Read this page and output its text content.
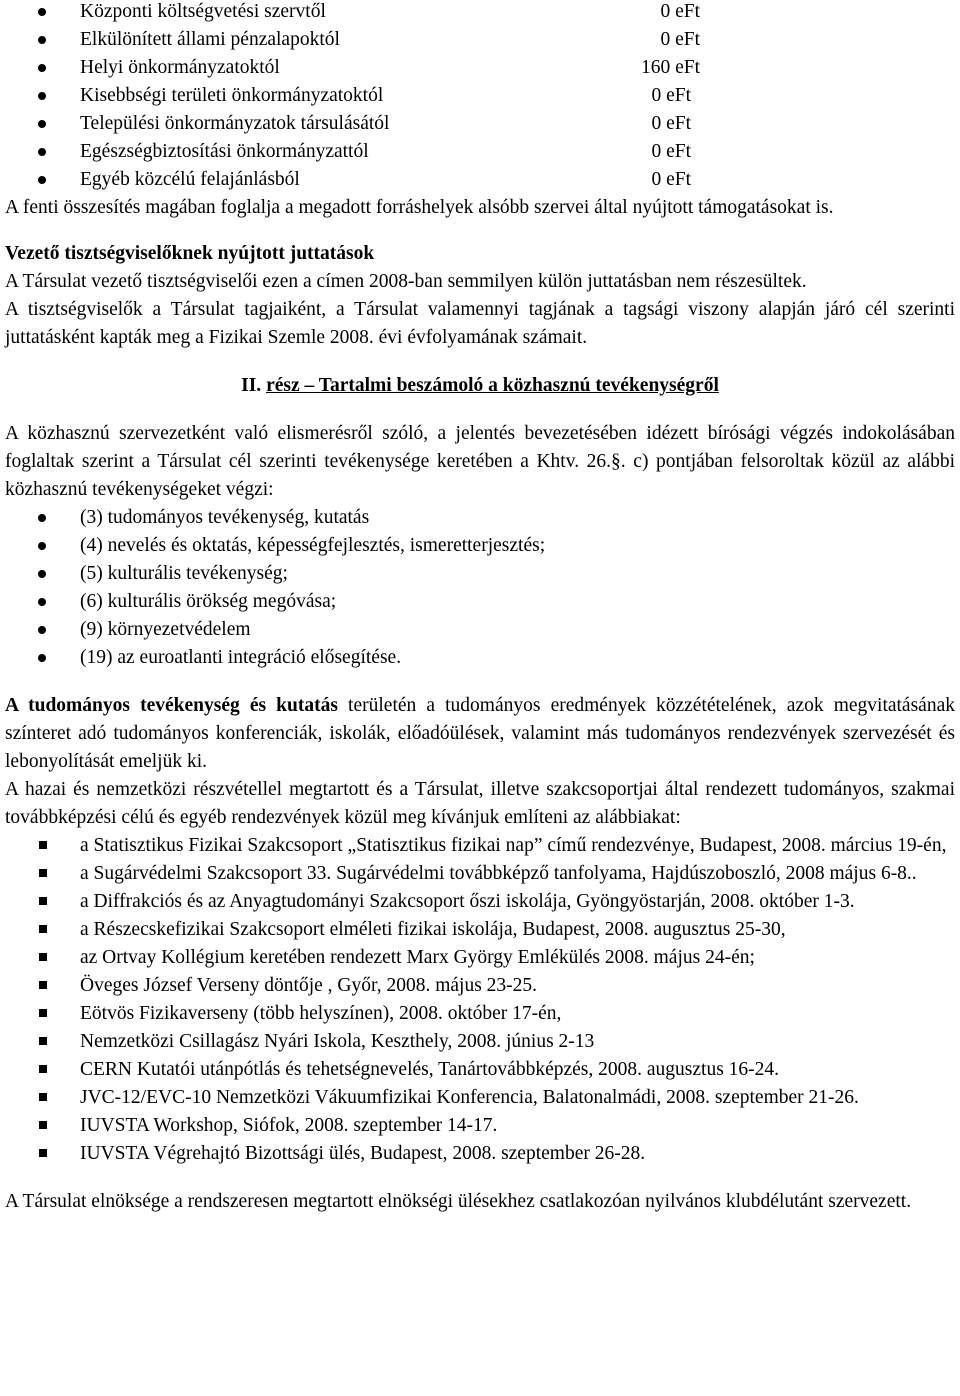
Központi költségvetési szervtől	0 eFt
Elkülönített állami pénzalapoktól	0 eFt
Helyi önkormányzatoktól	160 eFt
Kisebbségi területi önkormányzatoktól	0 eFt
Települési önkormányzatok társulásától	0 eFt
Egészségbiztosítási önkormányzattól	0 eFt
Egyéb közcélú felajánlásból	0 eFt

A fenti összesítés magában foglalja a megadott forráshelyek alsóbb szervei által nyújtott támogatásokat is.

Vezető tisztségviselőknek nyújtott juttatások

A Társulat vezető tisztségviselői ezen a címen 2008-ban semmilyen külön juttatásban nem részesültek.

A tisztségviselők a Társulat tagjaiként, a Társulat valamennyi tagjának a tagsági viszony alapján járó cél szerinti juttatásként kapták meg a Fizikai Szemle 2008. évi évfolyamának számait.

II. rész – Tartalmi beszámoló a közhasznú tevékenységről

A közhasznú szervezetként való elismerésről szóló, a jelentés bevezetésében idézett bírósági végzés indokolásában foglaltak szerint a Társulat cél szerinti tevékenysége keretében a Khtv. 26.§. c) pontjában felsoroltak közül az alábbi közhasznú tevékenységeket végzi:

(3) tudományos tevékenység, kutatás
(4) nevelés és oktatás, képességfejlesztés, ismeretterjesztés;
(5) kulturális tevékenység;
(6) kulturális örökség megóvása;
(9) környezetvédelem
(19) az euroatlanti integráció elősegítése.

A tudományos tevékenység és kutatás területén a tudományos eredmények közzétételének, azok megvitatásának színteret adó tudományos konferenciák, iskolák, előadóülések, valamint más tudományos rendezvények szervezését és lebonyolítását emeljük ki.

A hazai és nemzetközi részvétellel megtartott és a Társulat, illetve szakcsoportjai által rendezett tudományos, szakmai továbbképzési célú és egyéb rendezvények közül meg kívánjuk említeni az alábbiakat:

a Statisztikus Fizikai Szakcsoport „Statisztikus fizikai nap” című rendezvénye, Budapest, 2008. március 19-én,
a Sugárvédelmi Szakcsoport 33. Sugárvédelmi továbbképző tanfolyama, Hajdúszoboszló, 2008 május 6-8..
a Diffrakciós és az Anyagtudományi Szakcsoport őszi iskolája, Gyöngyöstarján, 2008. október 1-3.
a Részecskefizikai Szakcsoport elméleti fizikai iskolája, Budapest, 2008. augusztus 25-30,
az Ortvay Kollégium keretében rendezett Marx György Emlékülés 2008. május 24-én;
Öveges József Verseny döntője , Győr, 2008. május 23-25.
Eötvös Fizikaverseny (több helyszínen), 2008. október 17-én,
Nemzetközi Csillagász Nyári Iskola, Keszthely, 2008. június 2-13
CERN Kutatói utánpótlás és tehetségnevelés, Tanártovábbképzés, 2008. augusztus 16-24.
JVC-12/EVC-10 Nemzetközi Vákuumfizikai Konferencia, Balatonalmádi, 2008. szeptember 21-26.
IUVSTA Workshop, Siófok, 2008. szeptember 14-17.
IUVSTA Végrehajtó Bizottsági ülés, Budapest, 2008. szeptember 26-28.

A Társulat elnöksége a rendszeresen megtartott elnökségi ülésekhez csatlakozóan nyilvános klubdélutánt szervezett.
